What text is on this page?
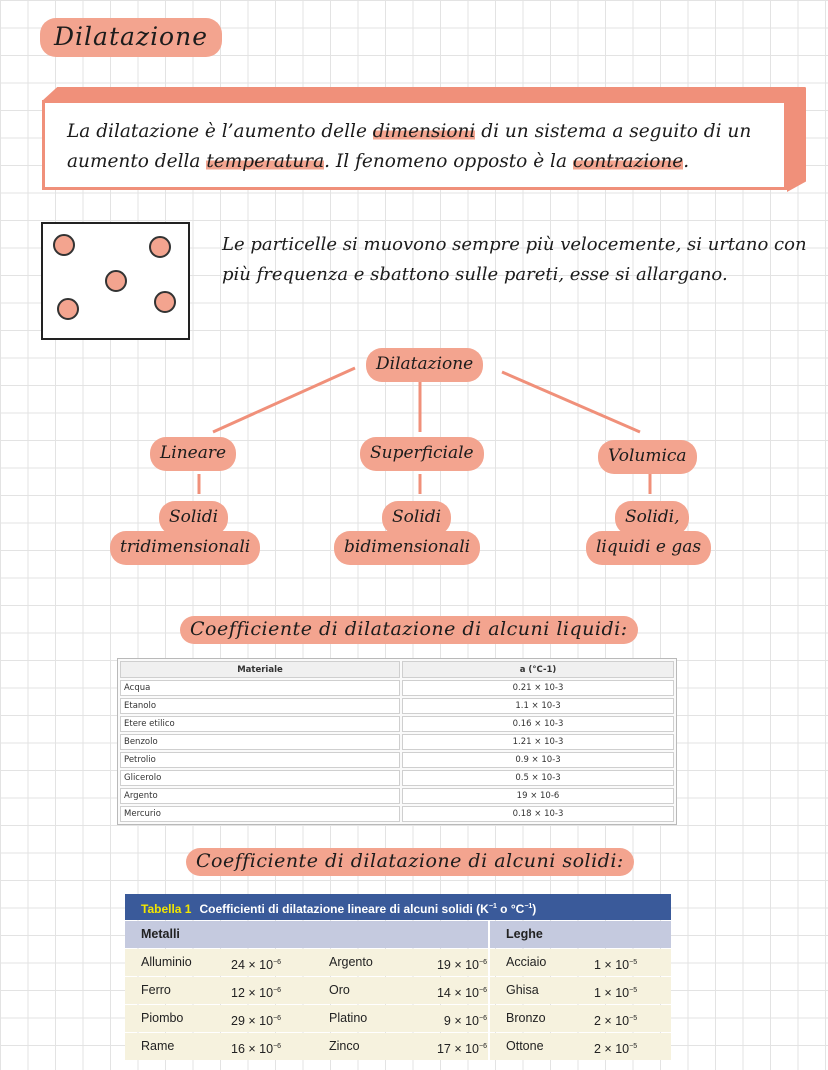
Dilatazione
La dilatazione è l’aumento delle dimensioni di un sistema a seguito di un aumento della temperatura. Il fenomeno opposto è la contrazione.
Le particelle si muovono sempre più velocemente, si urtano con più frequenza e sbattono sulle pareti, esse si allargano.
Dilatazione
Lineare	Superficiale	Volumica
Solidi
tridimensionali
Solidi
bidimensionali
Solidi,
liquidi e gas
Coefficiente di dilatazione di alcuni liquidi:
Materiale	a (°C-1)
Acqua	0.21 × 10-3
Etanolo	1.1 × 10-3
Etere etilico	0.16 × 10-3
Benzolo	1.21 × 10-3
Petrolio	0.9 × 10-3
Glicerolo	0.5 × 10-3
Argento	19 × 10-6
Mercurio	0.18 × 10-3
Coefficiente di dilatazione di alcuni solidi:
Tabella 1 Coefficienti di dilatazione lineare di alcuni solidi ($K^{-1}$ o $^\circ C^{-1}$)
Metalli	Leghe
Alluminio	$24 \times 10^{-6}$	Argento	$19 \times 10^{-6}$	Acciaio	$1 \times 10^{-5}$
Ferro	$12 \times 10^{-6}$	Oro	$14 \times 10^{-6}$	Ghisa	$1 \times 10^{-5}$
Piombo	$29 \times 10^{-6}$	Platino	$9 \times 10^{-6}$	Bronzo	$2 \times 10^{-5}$
Rame	$16 \times 10^{-6}$	Zinco	$17 \times 10^{-6}$	Ottone	$2 \times 10^{-5}$
